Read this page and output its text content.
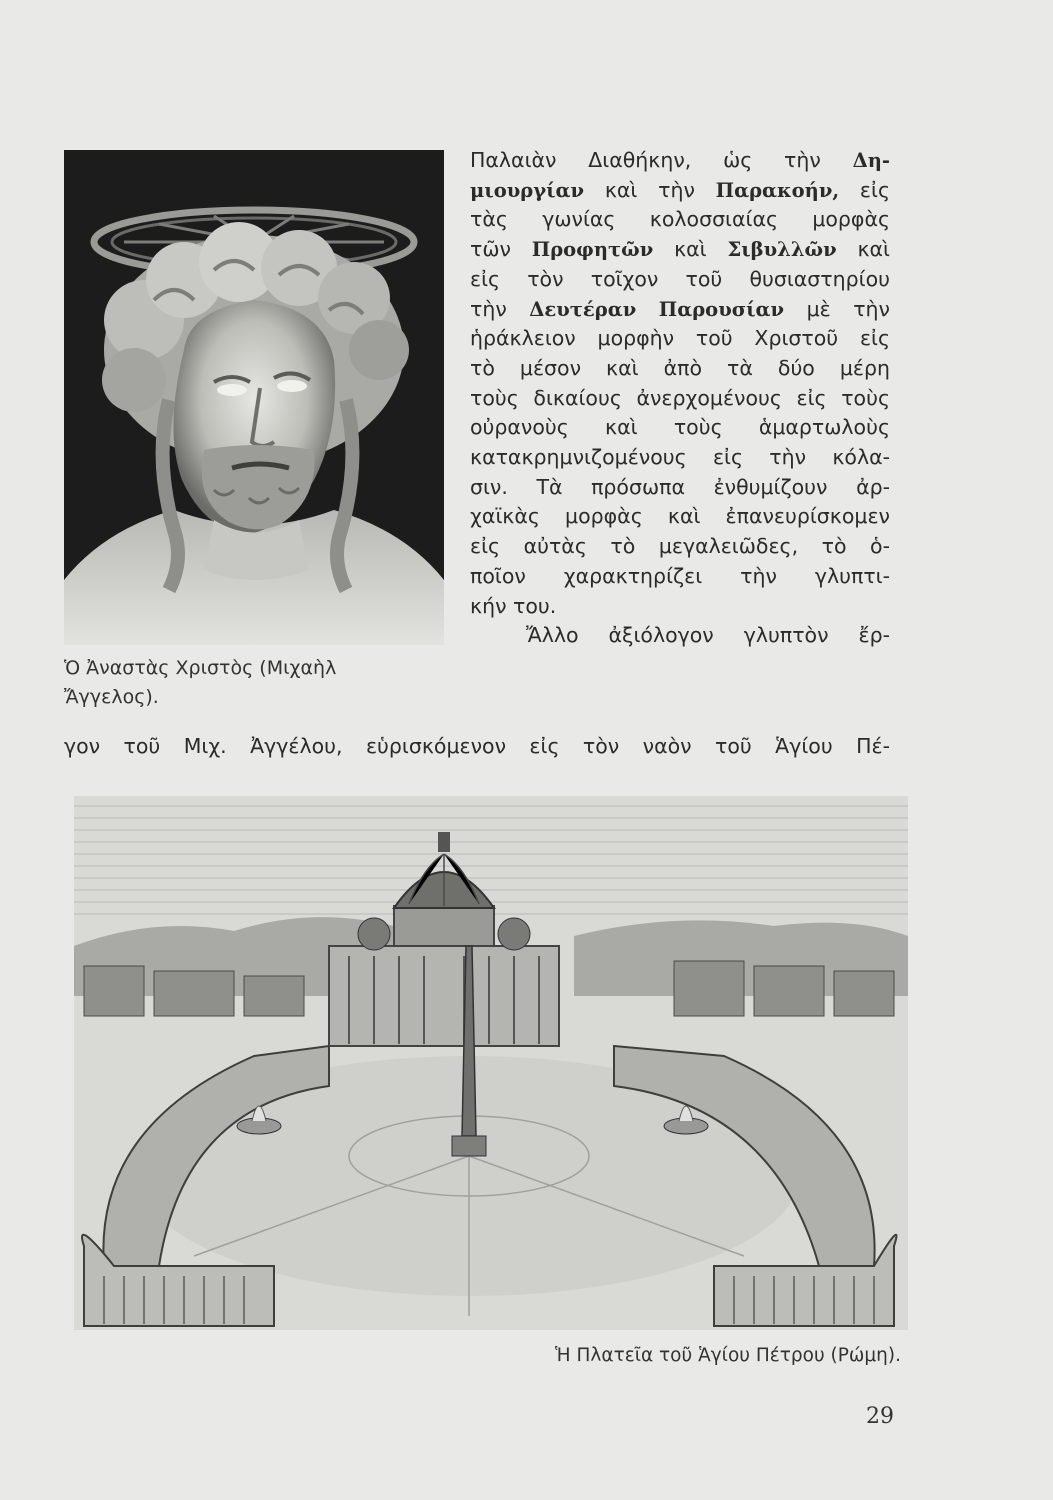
Ὁ Ἀναστὰς Χριστὸς (Μιχαὴλ
Ἄγγελος).
Παλαιὰν Διαθήκην, ὡς τὴν Δη-
μιουργίαν καὶ τὴν Παρακοήν, εἰς
τὰς γωνίας κολοσσιαίας μορφὰς
τῶν Προφητῶν καὶ Σιβυλλῶν καὶ
εἰς τὸν τοῖχον τοῦ θυσιαστηρίου
τὴν Δευτέραν Παρουσίαν μὲ τὴν
ἡράκλειον μορφὴν τοῦ Χριστοῦ εἰς
τὸ μέσον καὶ ἀπὸ τὰ δύο μέρη
τοὺς δικαίους ἀνερχομένους εἰς τοὺς
οὐρανοὺς καὶ τοὺς ἁμαρτωλοὺς
κατακρημνιζομένους εἰς τὴν κόλα-
σιν. Τὰ πρόσωπα ἐνθυμίζουν ἀρ-
χαϊκὰς μορφὰς καὶ ἐπανευρίσκομεν
εἰς αὐτὰς τὸ μεγαλειῶδες, τὸ ὁ-
ποῖον χαρακτηρίζει τὴν γλυπτι-
κήν του.
Ἄλλο ἀξιόλογον γλυπτὸν ἔρ-
γον τοῦ Μιχ. Ἀγγέλου, εὑρισκόμενον εἰς τὸν ναὸν τοῦ Ἁγίου Πέ-
Ἡ Πλατεῖα τοῦ Ἁγίου Πέτρου (Ρώμη).
29
